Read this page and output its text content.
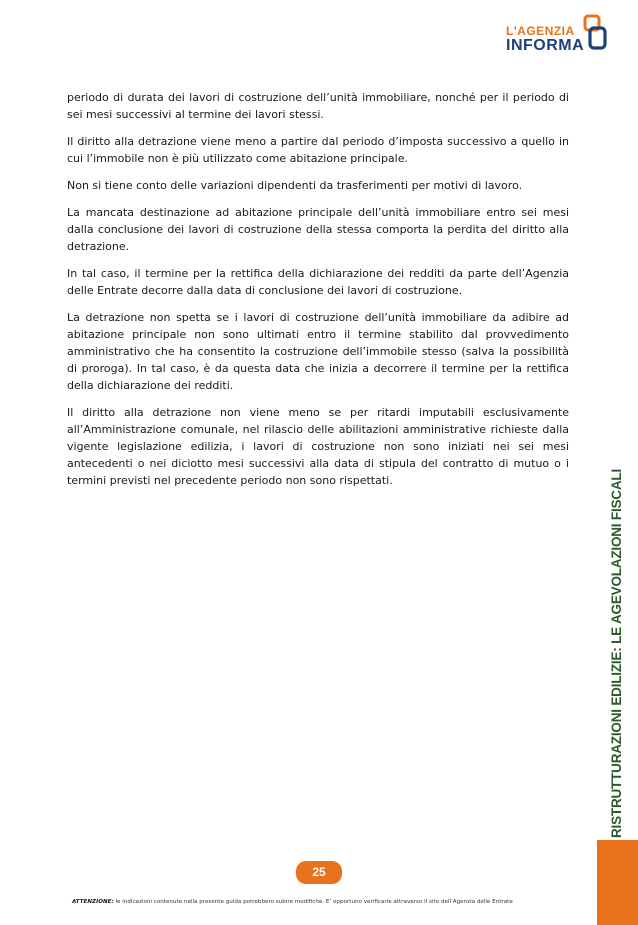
L'AGENZIA
INFORMA

periodo di durata dei lavori di costruzione dell’unità immobiliare, nonché per il periodo di sei mesi successivi al termine dei lavori stessi.

Il diritto alla detrazione viene meno a partire dal periodo d’imposta successivo a quello in cui l’immobile non è più utilizzato come abitazione principale.

Non si tiene conto delle variazioni dipendenti da trasferimenti per motivi di lavoro.

La mancata destinazione ad abitazione principale dell’unità immobiliare entro sei mesi dalla conclusione dei lavori di costruzione della stessa comporta la perdita del diritto alla detrazione.

In tal caso, il termine per la rettifica della dichiarazione dei redditi da parte dell’Agenzia delle Entrate decorre dalla data di conclusione dei lavori di costruzione.

La detrazione non spetta se i lavori di costruzione dell’unità immobiliare da adibire ad abitazione principale non sono ultimati entro il termine stabilito dal provvedimento amministrativo che ha consentito la costruzione dell’immobile stesso (salva la possibilità di proroga). In tal caso, è da questa data che inizia a decorrere il termine per la rettifica della dichiarazione dei redditi.

Il diritto alla detrazione non viene meno se per ritardi imputabili esclusivamente all’Amministrazione comunale, nel rilascio delle abilitazioni amministrative richieste dalla vigente legislazione edilizia, i lavori di costruzione non sono iniziati nei sei mesi antecedenti o nei diciotto mesi successivi alla data di stipula del contratto di mutuo o i termini previsti nel precedente periodo non sono rispettati.	RISTRUTTURAZIONI EDILIZIE: LE AGEVOLAZIONI FISCALI
25
ATTENZIONE: le indicazioni contenute nella presente guida potrebbero subire modifiche. E’ opportuno verificarle attraverso il sito dell’Agenzia delle Entrate
